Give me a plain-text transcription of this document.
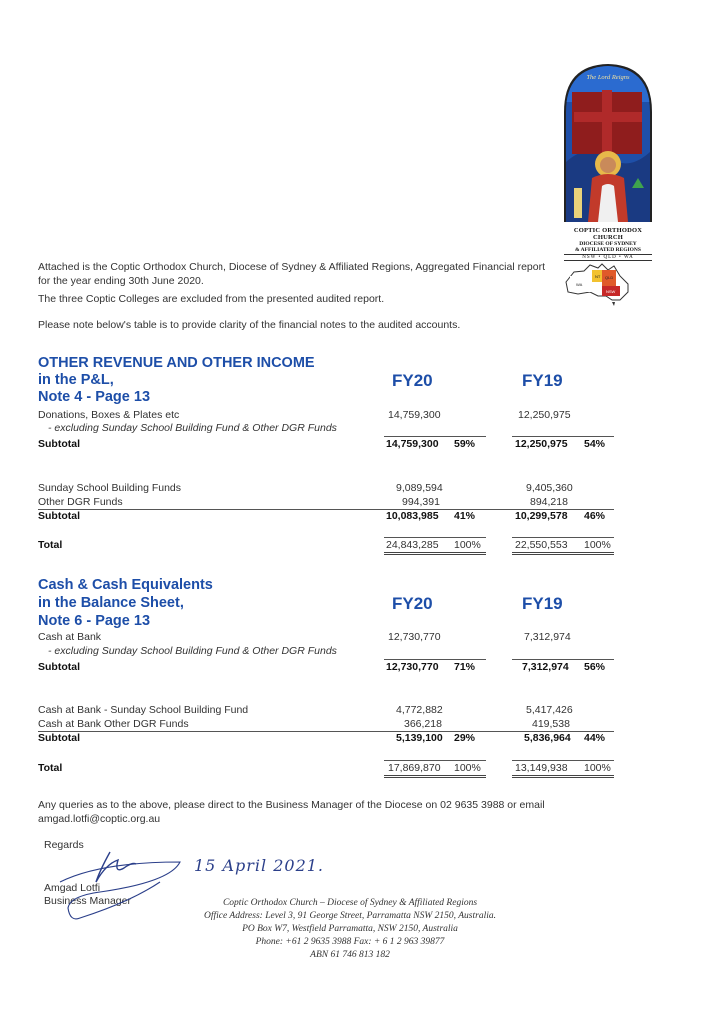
The Lord Reigns
COPTIC ORTHODOX CHURCH
DIOCESE OF SYDNEY
& AFFILIATED REGIONS
NSW • QLD • WA
NT QLD
NSW
WA
Attached is the Coptic Orthodox Church, Diocese of Sydney & Affiliated Regions, Aggregated Financial report for the year ending 30th June 2020.
The three Coptic Colleges are excluded from the presented audited report.
Please note below's table is to provide clarity of the financial notes to the audited accounts.
OTHER REVENUE AND OTHER INCOME
in the P&L,
Note 4 - Page 13
FY20	FY19
Donations, Boxes & Plates etc	14,759,300	12,250,975
- excluding Sunday School Building Fund & Other DGR Funds
Subtotal	14,759,300 59%	12,250,975 54%
Sunday School Building Funds	9,089,594	9,405,360
Other DGR Funds	994,391	894,218
Subtotal	10,083,985 41%	10,299,578 46%
Total	24,843,285 100%	22,550,553 100%
Cash & Cash Equivalents
in the Balance Sheet,
Note 6 - Page 13
FY20	FY19
Cash at Bank	12,730,770	7,312,974
- excluding Sunday School Building Fund & Other DGR Funds
Subtotal	12,730,770 71%	7,312,974 56%
Cash at Bank - Sunday School Building Fund	4,772,882	5,417,426
Cash at Bank Other DGR Funds	366,218	419,538
Subtotal	5,139,100 29%	5,836,964 44%
Total	17,869,870 100%	13,149,938 100%
Any queries as to the above, please direct to the Business Manager of the Diocese on 02 9635 3988 or email amgad.lotfi@coptic.org.au
Regards
Amgad Lotfi
Business Manager
15 April 2021.
Coptic Orthodox Church – Diocese of Sydney & Affiliated Regions
Office Address: Level 3, 91 George Street, Parramatta NSW 2150, Australia.
PO Box W7, Westfield Parramatta, NSW 2150, Australia
Phone: +61 2 9635 3988 Fax: + 6 1 2 963 39877
ABN 61 746 813 182
